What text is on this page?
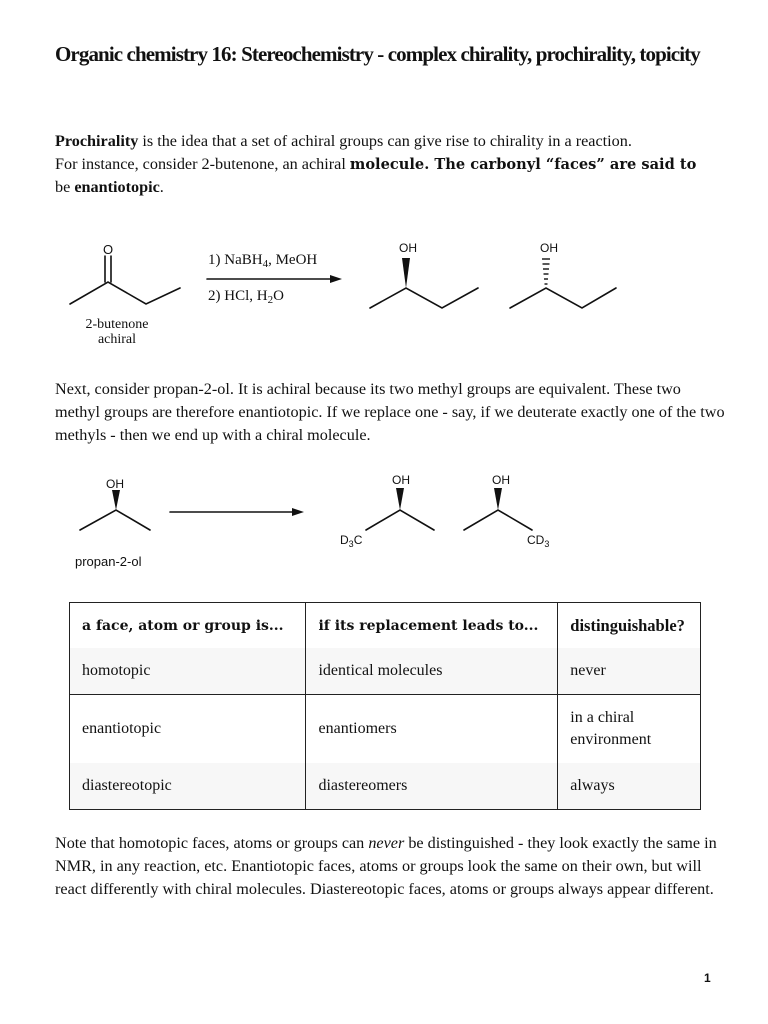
Organic chemistry 16: Stereochemistry - complex chirality, prochirality, topicity

Prochirality is the idea that a set of achiral groups can give rise to chirality in a reaction.
For instance, consider 2-butenone, an achiral molecule. The carbonyl “faces” are said to
be enantiotopic.

O	OH	OH
1) NaBH$_4$, MeOH
2) HCl, $H_2O$
2-butenone
achiral

Next, consider propan-2-ol. It is achiral because its two methyl groups are equivalent. These two methyl groups are therefore enantiotopic. If we replace one - say, if we deuterate exactly one of the two methyls - then we end up with a chiral molecule.

OH	OH	OH
$D_3C$	$CD_3$
propan-2-ol
a face, atom or group is...	if its replacement leads to...	distinguishable?
homotopic	identical molecules	never
enantiotopic	enantiomers	in a chiral environment
diastereotopic	diastereomers	always

Note that homotopic faces, atoms or groups can never be distinguished - they look exactly the same in NMR, in any reaction, etc. Enantiotopic faces, atoms or groups look the same on their own, but will react differently with chiral molecules. Diastereotopic faces, atoms or groups always appear different.

1
